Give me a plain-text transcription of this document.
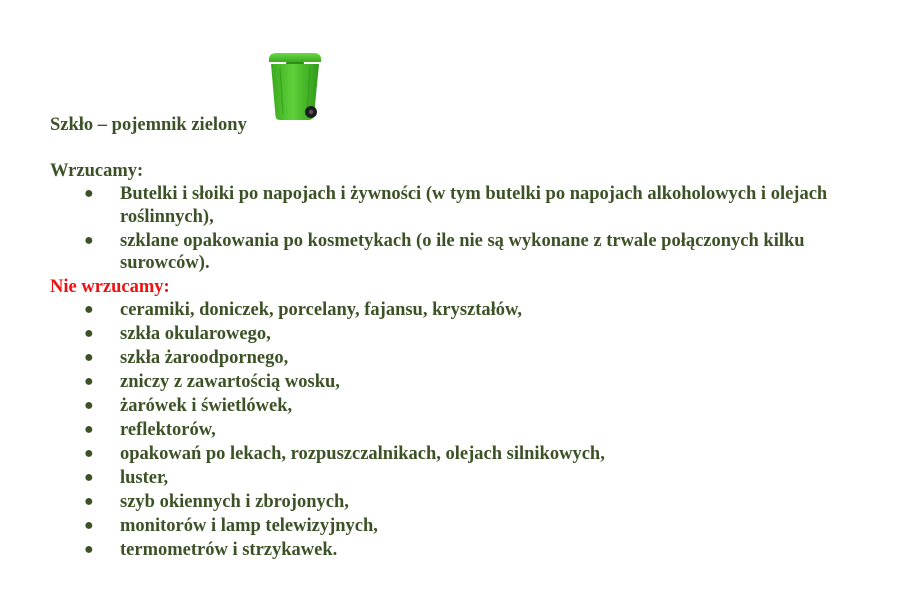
Szkło – pojemnik zielony
Wrzucamy:
● Butelki i słoiki po napojach i żywności (w tym butelki po napojach alkoholowych i olejach roślinnych),
● szklane opakowania po kosmetykach (o ile nie są wykonane z trwale połączonych kilku surowców).
Nie wrzucamy:
● ceramiki, doniczek, porcelany, fajansu, kryształów,
● szkła okularowego,
● szkła żaroodpornego,
● zniczy z zawartością wosku,
● żarówek i świetlówek,
● reflektorów,
● opakowań po lekach, rozpuszczalnikach, olejach silnikowych,
● luster,
● szyb okiennych i zbrojonych,
● monitorów i lamp telewizyjnych,
● termometrów i strzykawek.
